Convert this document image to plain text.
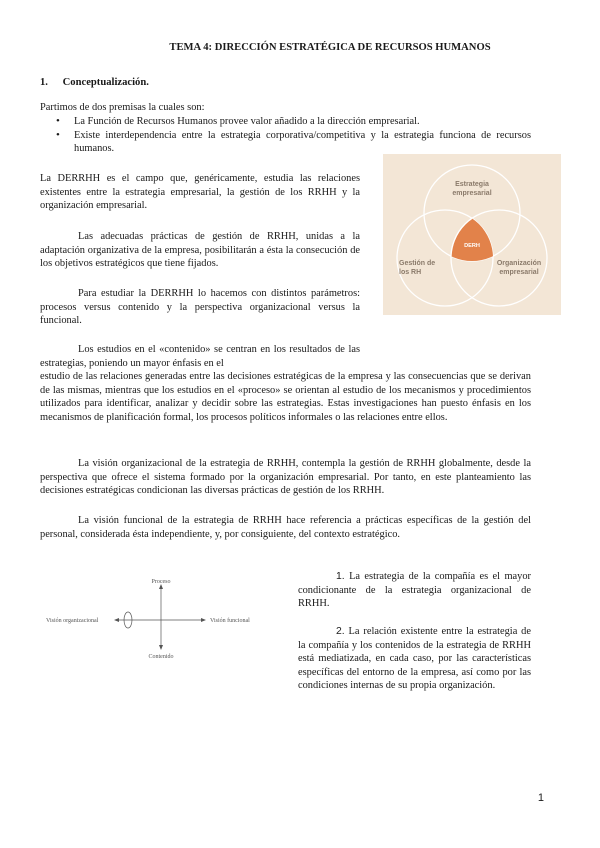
TEMA 4: DIRECCIÓN ESTRATÉGICA DE RECURSOS HUMANOS
1. Conceptualización.
Partimos de dos premisas la cuales son:
• La Función de Recursos Humanos provee valor añadido a la dirección empresarial.
• Existe interdependencia entre la estrategia corporativa/competitiva y la estrategia funciona de recursos humanos.
La DERRHH es el campo que, genéricamente, estudia las relaciones existentes entre la estrategia empresarial, la gestión de los RRHH y la organización empresarial.
Las adecuadas prácticas de gestión de RRHH, unidas a la adaptación organizativa de la empresa, posibilitarán a ésta la consecución de los objetivos estratégicos que tiene fijados.
Para estudiar la DERRHH lo hacemos con distintos parámetros: procesos versus contenido y la perspectiva organizacional versus la funcional.
Los estudios en el «contenido» se centran en los resultados de las estrategias, poniendo un mayor énfasis en el
estudio de las relaciones generadas entre las decisiones estratégicas de la empresa y las consecuencias que se derivan de las mismas, mientras que los estudios en el «proceso» se orientan al estudio de los mecanismos y procedimientos utilizados para identificar, analizar y decidir sobre las estrategias. Estas investigaciones han puesto énfasis en los mecanismos de planificación formal, los procesos políticos informales o las relaciones entre ellos.
La visión organizacional de la estrategia de RRHH, contempla la gestión de RRHH globalmente, desde la perspectiva que ofrece el sistema formado por la organización empresarial. Por tanto, en este planteamiento las decisiones estratégicas condicionan las diversas prácticas de gestión de los RRHH.
La visión funcional de la estrategia de RRHH hace referencia a prácticas específicas de la gestión del personal, considerada ésta independiente, y, por consiguiente, del contexto estratégico.
Estrategia
empresarial
Gestión de
los RH
Organización
empresarial
DERH
Proceso
Contenido
Visión organizacional	Visión funcional
1. La estrategia de la compañía es el mayor condicionante de la estrategia organizacional de RRHH.
2. La relación existente entre la estrategia de la compañía y los contenidos de la estrategia de RRHH está mediatizada, en cada caso, por las características específicas del entorno de la empresa, así como por las condiciones internas de su propia organización.
1
